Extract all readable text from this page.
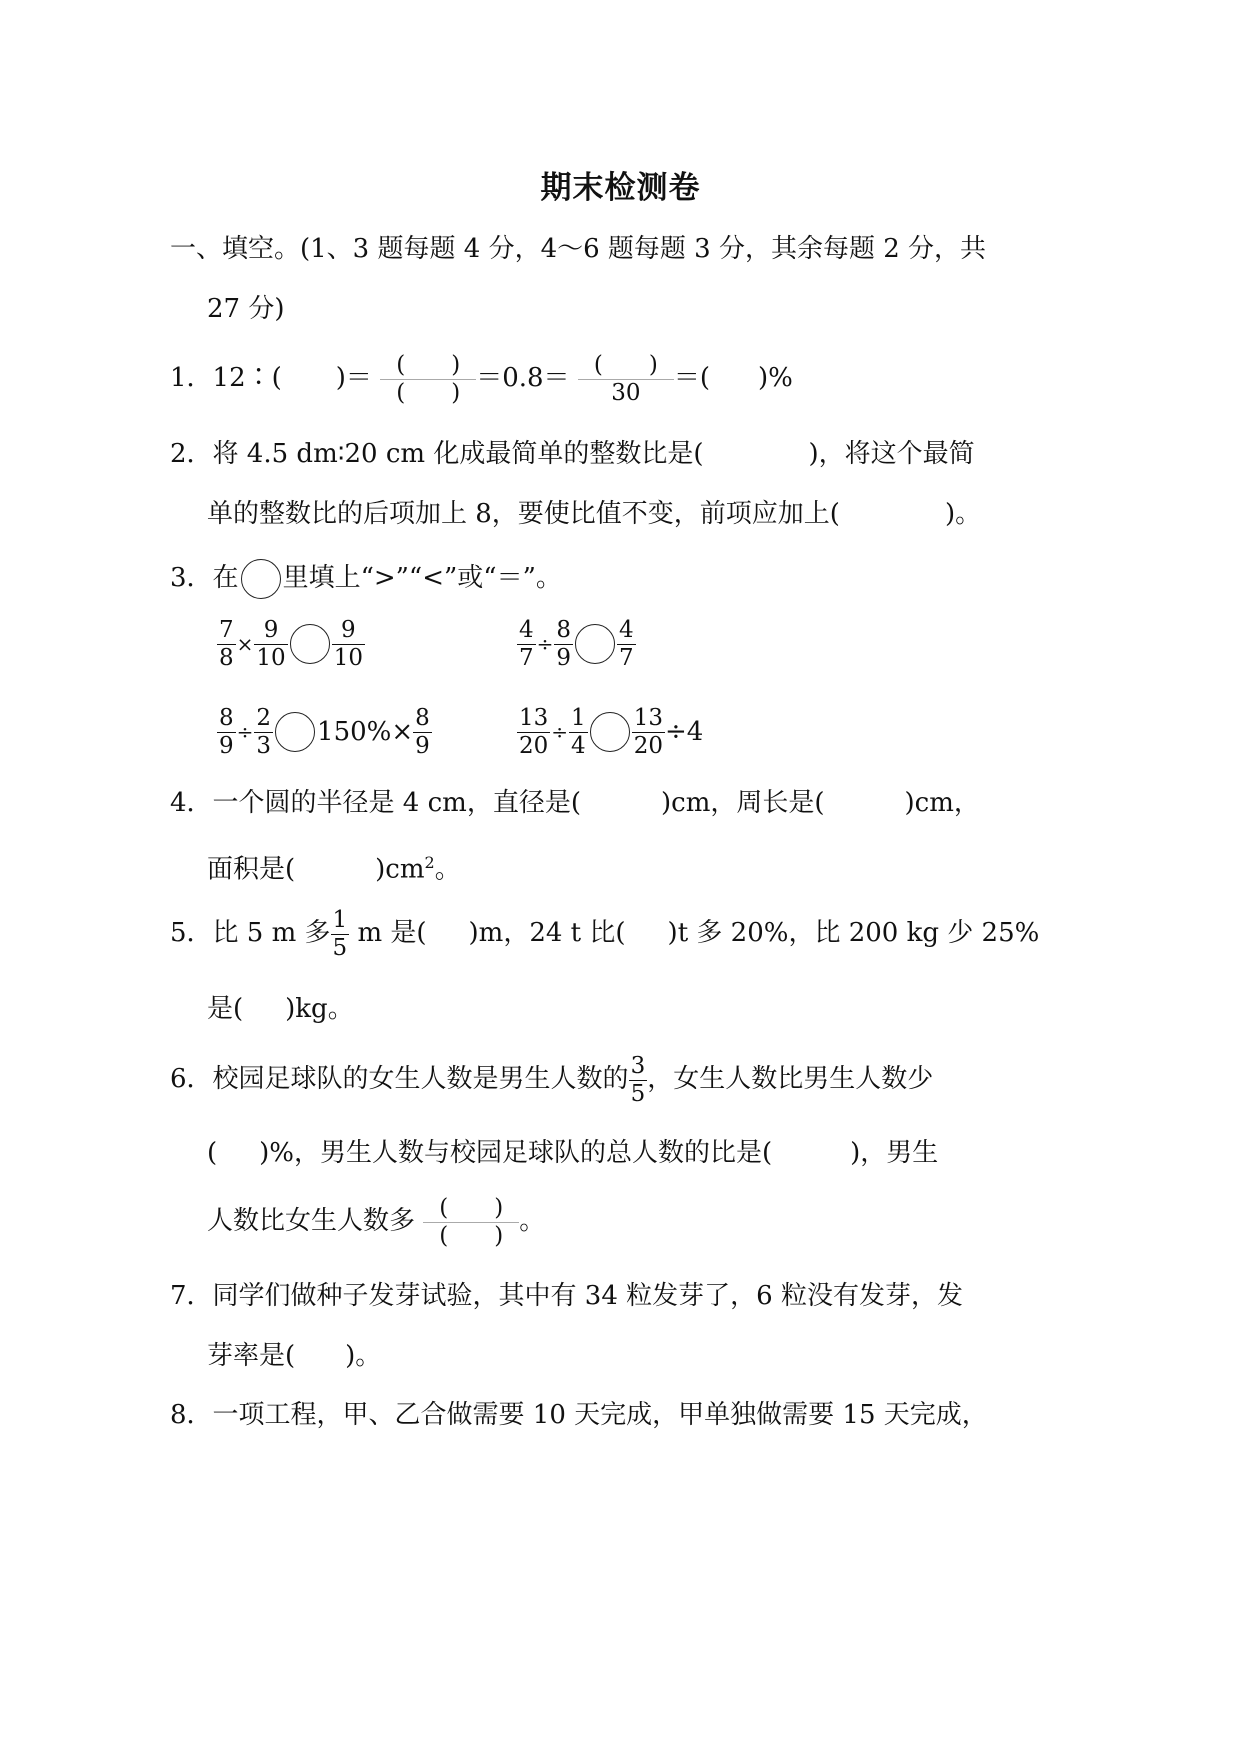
期末检测卷
一、填空。(1、3 题每题 4 分，4～6 题每题 3 分，其余每题 2 分，共
27 分)
1．12∶( )＝ $\frac{( )}{( )} =0.8= \frac{( )}{30}$ ＝( )%
2．将 4.5 dm∶20 cm 化成最简单的整数比是(	)，将这个最简
单的整数比的后项加上 8，要使比值不变，前项应加上(	)。
3．在 里填上“>”“<”或“＝”。
$\frac{7}{8} \times \frac{9}{10} \frac{9}{10}$	$\frac{4}{7} \div \frac{8}{9} \frac{4}{7}$
$\frac{8}{9} \div \frac{2}{3} 150\%\times \frac{8}{9}$	$\frac{13}{20} \div \frac{1}{4} \frac{13}{20} \div 4$
4．一个圆的半径是 4 cm，直径是(	)cm，周长是(	)cm，
面积是(	)$cm^2$。
5．比 5 m 多 $\frac{1}{5}$ m 是( )m，24 t 比( )t 多 20%，比 200 kg 少 25%
是( )kg。
6．校园足球队的女生人数是男生人数的 $\frac{3}{5}$ ，女生人数比男生人数少
( )%，男生人数与校园足球队的总人数的比是(	)，男生
人数比女生人数多 $\frac{( )}{( )}$ 。
7．同学们做种子发芽试验，其中有 34 粒发芽了，6 粒没有发芽，发
芽率是( )。
8．一项工程，甲、乙合做需要 10 天完成，甲单独做需要 15 天完成，
